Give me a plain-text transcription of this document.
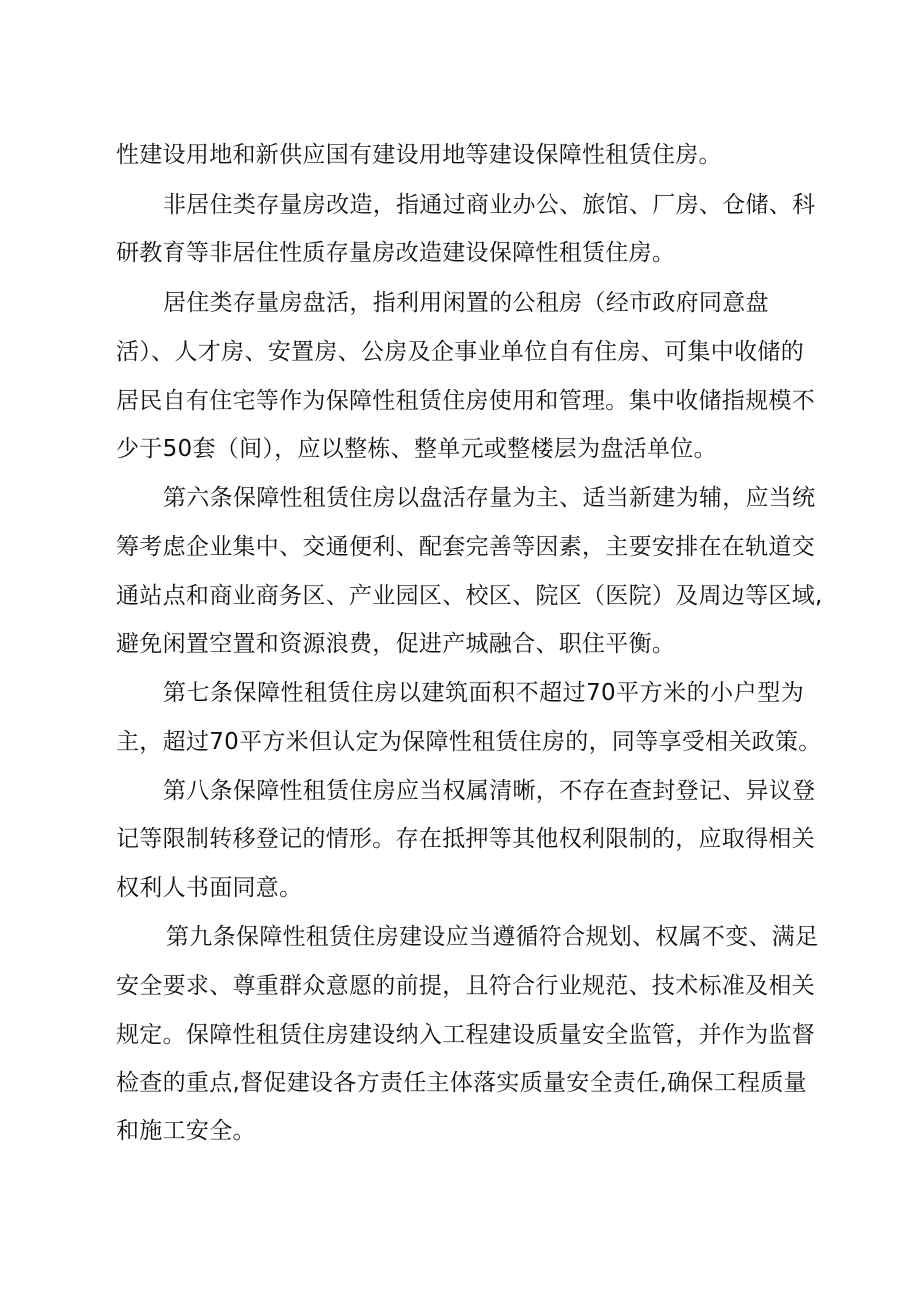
性建设用地和新供应国有建设用地等建设保障性租赁住房。
非居住类存量房改造，指通过商业办公、旅馆、厂房、仓储、科
研教育等非居住性质存量房改造建设保障性租赁住房。
居住类存量房盘活，指利用闲置的公租房（经市政府同意盘
活）、人才房、安置房、公房及企事业单位自有住房、可集中收储的
居民自有住宅等作为保障性租赁住房使用和管理。集中收储指规模不
少于50套（间），应以整栋、整单元或整楼层为盘活单位。
第六条保障性租赁住房以盘活存量为主、适当新建为辅，应当统
筹考虑企业集中、交通便利、配套完善等因素，主要安排在在轨道交
通站点和商业商务区、产业园区、校区、院区（医院）及周边等区域,
避免闲置空置和资源浪费，促进产城融合、职住平衡。
第七条保障性租赁住房以建筑面积不超过70平方米的小户型为
主，超过70平方米但认定为保障性租赁住房的，同等享受相关政策。
第八条保障性租赁住房应当权属清晰，不存在查封登记、异议登
记等限制转移登记的情形。存在抵押等其他权利限制的，应取得相关
权利人书面同意。
第九条保障性租赁住房建设应当遵循符合规划、权属不变、满足
安全要求、尊重群众意愿的前提，且符合行业规范、技术标准及相关
规定。保障性租赁住房建设纳入工程建设质量安全监管，并作为监督
检查的重点,督促建设各方责任主体落实质量安全责任,确保工程质量
和施工安全。
